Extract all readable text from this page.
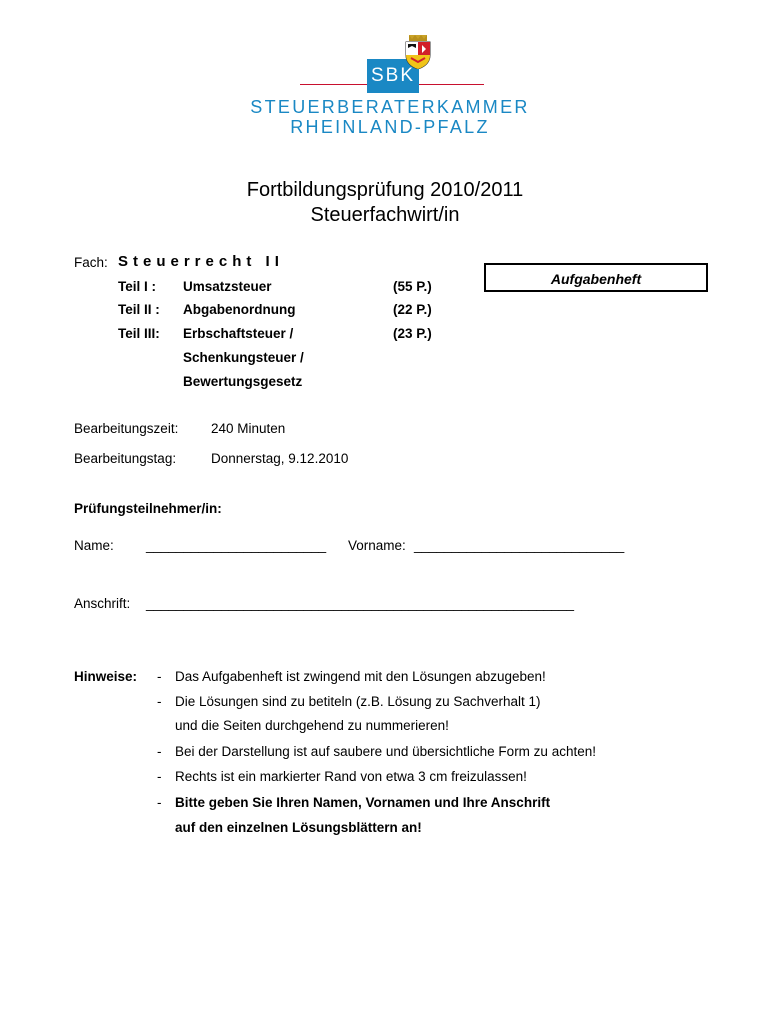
SBK
STEUERBERATERKAMMER
RHEINLAND-PFALZ
Fortbildungsprüfung 2010/2011
Steuerfachwirt/in
Fach: Steuerrecht II
Teil I : Umsatzsteuer	(55 P.)
Teil II : Abgabenordnung	(22 P.)
Teil III: Erbschaftsteuer /	(23 P.)
Schenkungsteuer /
Bewertungsgesetz
Aufgabenheft
Bearbeitungszeit: 240 Minuten
Bearbeitungstag:	Donnerstag, 9.12.2010
Prüfungsteilnehmer/in:
Name: ________________________ Vorname: ____________________________
Anschrift: _________________________________________________________
Hinweise: - Das Aufgabenheft ist zwingend mit den Lösungen abzugeben!
- Die Lösungen sind zu betiteln (z.B. Lösung zu Sachverhalt 1)
und die Seiten durchgehend zu nummerieren!
- Bei der Darstellung ist auf saubere und übersichtliche Form zu achten!
- Rechts ist ein markierter Rand von etwa 3 cm freizulassen!
- Bitte geben Sie Ihren Namen, Vornamen und Ihre Anschrift
auf den einzelnen Lösungsblättern an!
